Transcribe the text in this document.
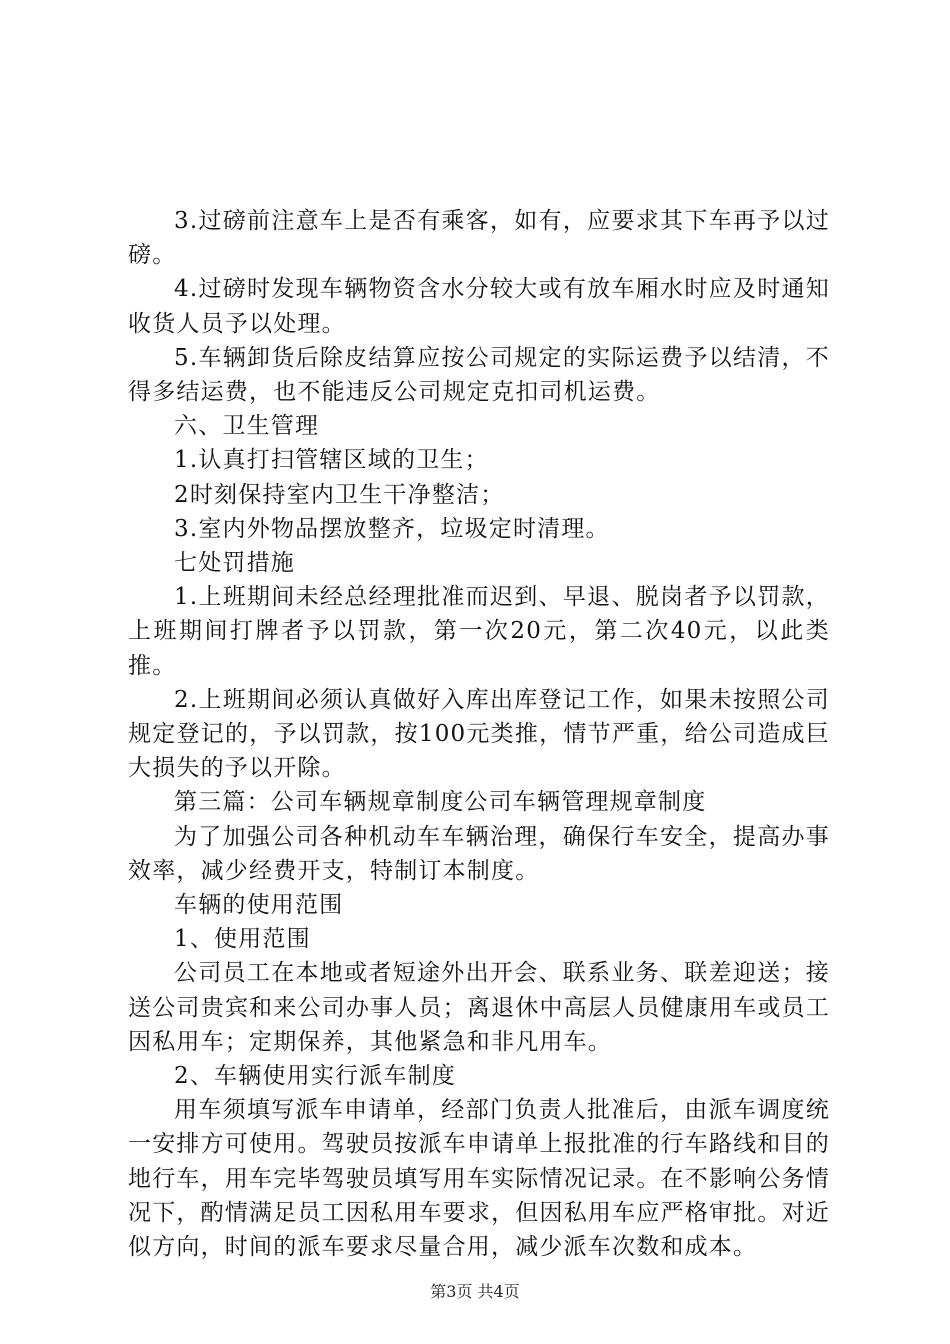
3.过磅前注意车上是否有乘客，如有，应要求其下车再予以过磅。

4.过磅时发现车辆物资含水分较大或有放车厢水时应及时通知收货人员予以处理。

5.车辆卸货后除皮结算应按公司规定的实际运费予以结清，不得多结运费，也不能违反公司规定克扣司机运费。

六、卫生管理

1.认真打扫管辖区域的卫生；

2时刻保持室内卫生干净整洁；

3.室内外物品摆放整齐，垃圾定时清理。

七处罚措施

1.上班期间未经总经理批准而迟到、早退、脱岗者予以罚款，上班期间打牌者予以罚款，第一次20元，第二次40元，以此类推。

2.上班期间必须认真做好入库出库登记工作，如果未按照公司规定登记的，予以罚款，按100元类推，情节严重，给公司造成巨大损失的予以开除。

第三篇：公司车辆规章制度公司车辆管理规章制度

为了加强公司各种机动车车辆治理，确保行车安全，提高办事效率，减少经费开支，特制订本制度。

车辆的使用范围

1、使用范围

公司员工在本地或者短途外出开会、联系业务、联差迎送；接送公司贵宾和来公司办事人员；离退休中高层人员健康用车或员工因私用车；定期保养，其他紧急和非凡用车。

2、车辆使用实行派车制度

用车须填写派车申请单，经部门负责人批准后，由派车调度统一安排方可使用。驾驶员按派车申请单上报批准的行车路线和目的地行车，用车完毕驾驶员填写用车实际情况记录。在不影响公务情况下，酌情满足员工因私用车要求，但因私用车应严格审批。对近似方向，时间的派车要求尽量合用，减少派车次数和成本。

第3页 共4页
